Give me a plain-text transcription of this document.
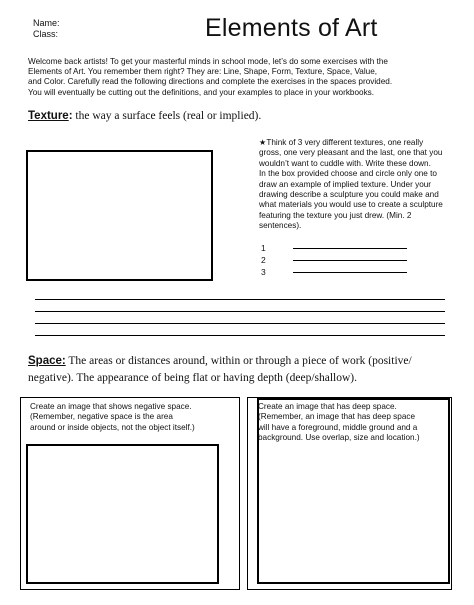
Name:
Class:	Elements of Art
Welcome back artists! To get your masterful minds in school mode, let’s do some exercises with the
Elements of Art. You remember them right? They are: Line, Shape, Form, Texture, Space, Value,
and Color. Carefully read the following directions and complete the exercises in the spaces provided.
You will eventually be cutting out the definitions, and your examples to place in your workbooks.
Texture: the way a surface feels (real or implied).
★Think of 3 very different textures, one really
gross, one very pleasant and the last, one that you
wouldn’t want to cuddle with. Write these down.
In the box provided choose and circle only one to
draw an example of implied texture. Under your
drawing describe a sculpture you could make and
what materials you would use to create a sculpture
featuring the texture you just drew. (Min. 2
sentences).
1
2
3
Space: The areas or distances around, within or through a piece of work (positive/
negative). The appearance of being flat or having depth (deep/shallow).
Create an image that shows negative space.
(Remember, negative space is the area
around or inside objects, not the object itself.)
Create an image that has deep space.
(Remember, an image that has deep space
will have a foreground, middle ground and a
background. Use overlap, size and location.)
